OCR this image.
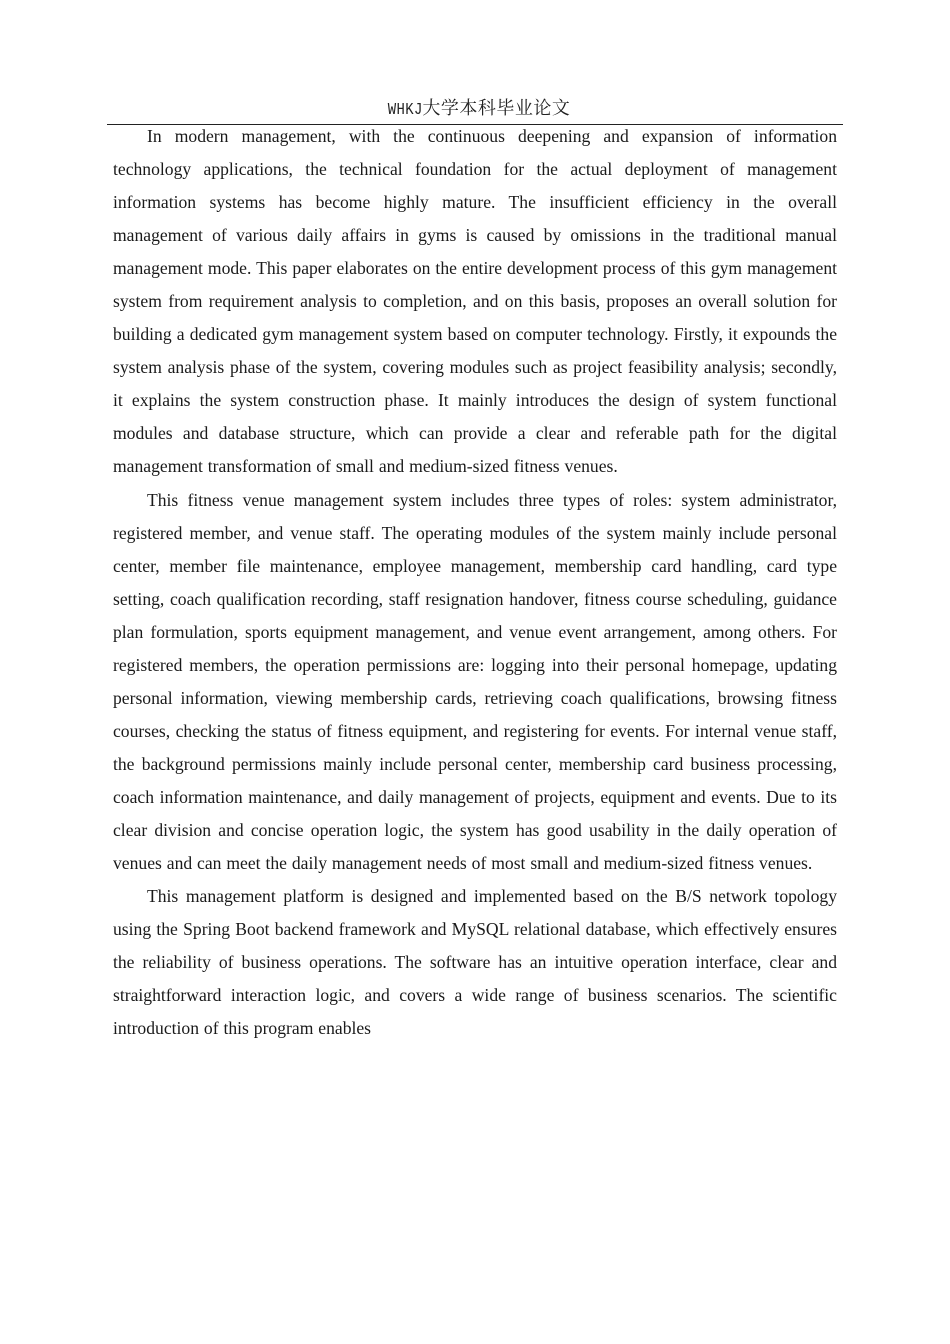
WHKJ大学本科毕业论文

In modern management, with the continuous deepening and expansion of information technology applications, the technical foundation for the actual deployment of management information systems has become highly mature. The insufficient efficiency in the overall management of various daily affairs in gyms is caused by omissions in the traditional manual management mode. This paper elaborates on the entire development process of this gym management system from requirement analysis to completion, and on this basis, proposes an overall solution for building a dedicated gym management system based on computer technology. Firstly, it expounds the system analysis phase of the system, covering modules such as project feasibility analysis; secondly, it explains the system construction phase. It mainly introduces the design of system functional modules and database structure, which can provide a clear and referable path for the digital management transformation of small and medium-sized fitness venues.

This fitness venue management system includes three types of roles: system administrator, registered member, and venue staff. The operating modules of the system mainly include personal center, member file maintenance, employee management, membership card handling, card type setting, coach qualification recording, staff resignation handover, fitness course scheduling, guidance plan formulation, sports equipment management, and venue event arrangement, among others. For registered members, the operation permissions are: logging into their personal homepage, updating personal information, viewing membership cards, retrieving coach qualifications, browsing fitness courses, checking the status of fitness equipment, and registering for events. For internal venue staff, the background permissions mainly include personal center, membership card business processing, coach information maintenance, and daily management of projects, equipment and events. Due to its clear division and concise operation logic, the system has good usability in the daily operation of venues and can meet the daily management needs of most small and medium-sized fitness venues.

This management platform is designed and implemented based on the B/S network topology using the Spring Boot backend framework and MySQL relational database, which effectively ensures the reliability of business operations. The software has an intuitive operation interface, clear and straightforward interaction logic, and covers a wide range of business scenarios. The scientific introduction of this program enables
